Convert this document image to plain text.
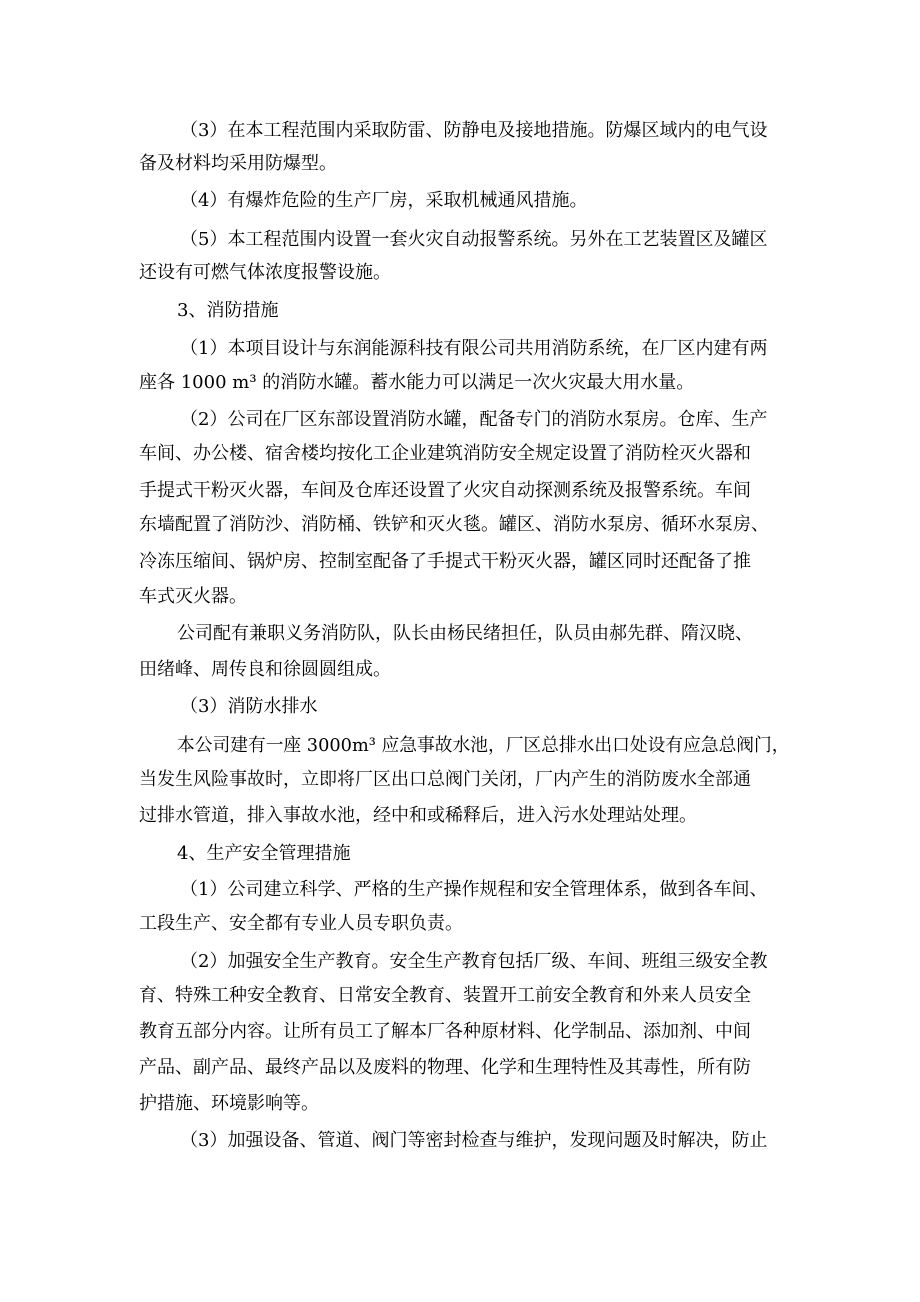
（3）在本工程范围内采取防雷、防静电及接地措施。防爆区域内的电气设
备及材料均采用防爆型。
（4）有爆炸危险的生产厂房，采取机械通风措施。
（5）本工程范围内设置一套火灾自动报警系统。另外在工艺装置区及罐区
还设有可燃气体浓度报警设施。
3、消防措施
（1）本项目设计与东润能源科技有限公司共用消防系统，在厂区内建有两
座各 1000 m³ 的消防水罐。蓄水能力可以满足一次火灾最大用水量。
（2）公司在厂区东部设置消防水罐，配备专门的消防水泵房。仓库、生产
车间、办公楼、宿舍楼均按化工企业建筑消防安全规定设置了消防栓灭火器和
手提式干粉灭火器，车间及仓库还设置了火灾自动探测系统及报警系统。车间
东墙配置了消防沙、消防桶、铁铲和灭火毯。罐区、消防水泵房、循环水泵房、
冷冻压缩间、锅炉房、控制室配备了手提式干粉灭火器，罐区同时还配备了推
车式灭火器。
公司配有兼职义务消防队，队长由杨民绪担任，队员由郝先群、隋汉晓、
田绪峰、周传良和徐圆圆组成。
（3）消防水排水
本公司建有一座 3000m³ 应急事故水池，厂区总排水出口处设有应急总阀门，
当发生风险事故时，立即将厂区出口总阀门关闭，厂内产生的消防废水全部通
过排水管道，排入事故水池，经中和或稀释后，进入污水处理站处理。
4、生产安全管理措施
（1）公司建立科学、严格的生产操作规程和安全管理体系，做到各车间、
工段生产、安全都有专业人员专职负责。
（2）加强安全生产教育。安全生产教育包括厂级、车间、班组三级安全教
育、特殊工种安全教育、日常安全教育、装置开工前安全教育和外来人员安全
教育五部分内容。让所有员工了解本厂各种原材料、化学制品、添加剂、中间
产品、副产品、最终产品以及废料的物理、化学和生理特性及其毒性，所有防
护措施、环境影响等。
（3）加强设备、管道、阀门等密封检查与维护，发现问题及时解决，防止
